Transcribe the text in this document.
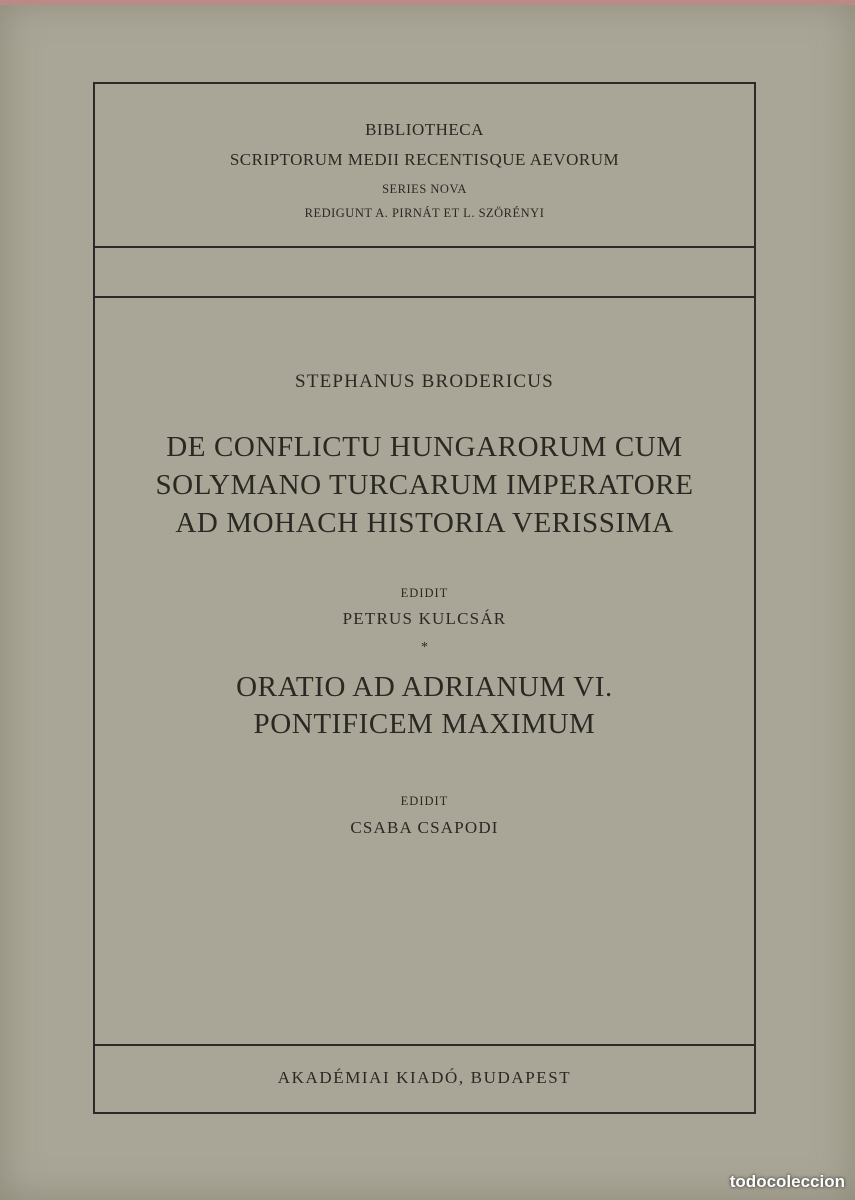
BIBLIOTHECA
SCRIPTORUM MEDII RECENTISQUE AEVORUM
SERIES NOVA
REDIGUNT A. PIRNÁT ET L. SZÖRÉNYI
STEPHANUS BRODERICUS
DE CONFLICTU HUNGARORUM CUM
SOLYMANO TURCARUM IMPERATORE
AD MOHACH HISTORIA VERISSIMA
EDIDIT
PETRUS KULCSÁR
*
ORATIO AD ADRIANUM VI.
PONTIFICEM MAXIMUM
EDIDIT
CSABA CSAPODI
AKADÉMIAI KIADÓ, BUDAPEST
todocoleccion
